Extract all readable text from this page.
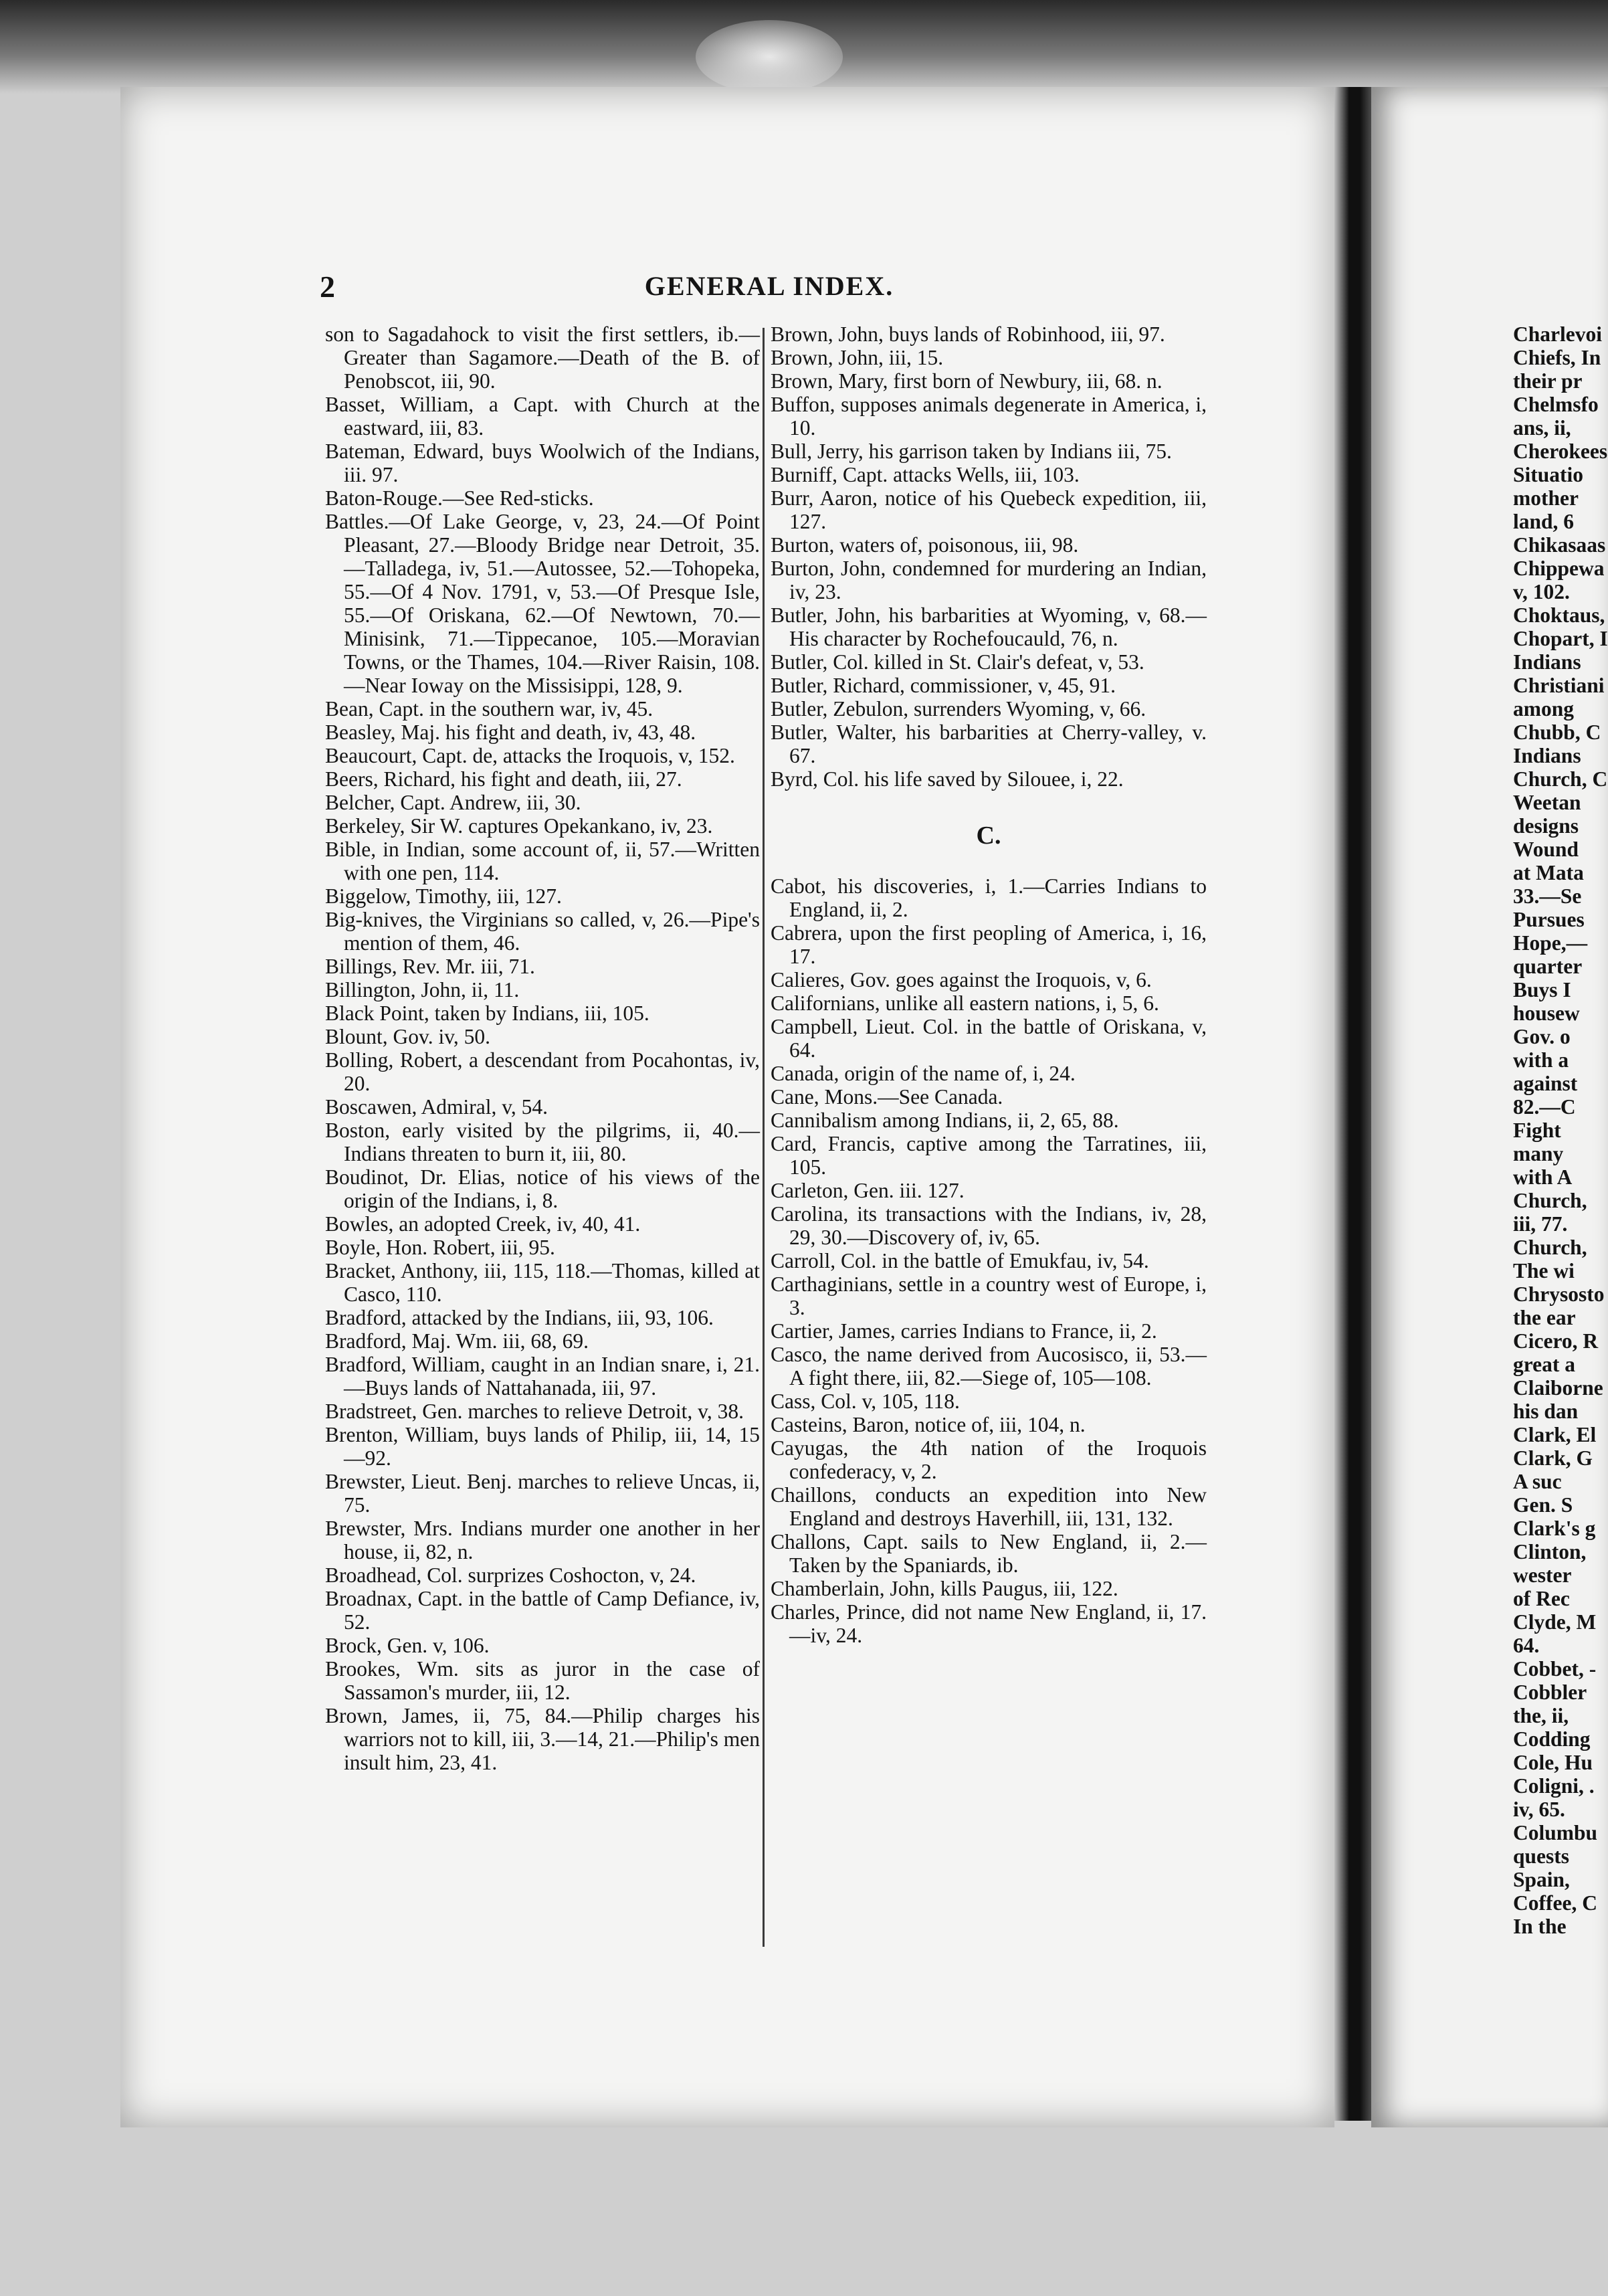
2	GENERAL INDEX.

son to Sagadahock to visit the first settlers, ib.—Greater than Sagamore.—Death of the B. of Penobscot, iii, 90.

Basset, William, a Capt. with Church at the eastward, iii, 83.

Bateman, Edward, buys Woolwich of the Indians, iii. 97.

Baton-Rouge.—See Red-sticks.

Battles.—Of Lake George, v, 23, 24.—Of Point Pleasant, 27.—Bloody Bridge near Detroit, 35.—Talladega, iv, 51.—Autossee, 52.—Tohopeka, 55.—Of 4 Nov. 1791, v, 53.—Of Presque Isle, 55.—Of Oriskana, 62.—Of Newtown, 70.—Minisink, 71.—Tippecanoe, 105.—Moravian Towns, or the Thames, 104.—River Raisin, 108.—Near Ioway on the Missisippi, 128, 9.

Bean, Capt. in the southern war, iv, 45.

Beasley, Maj. his fight and death, iv, 43, 48.

Beaucourt, Capt. de, attacks the Iroquois, v, 152.

Beers, Richard, his fight and death, iii, 27.

Belcher, Capt. Andrew, iii, 30.

Berkeley, Sir W. captures Opekankano, iv, 23.

Bible, in Indian, some account of, ii, 57.—Written with one pen, 114.

Biggelow, Timothy, iii, 127.

Big-knives, the Virginians so called, v, 26.—Pipe's mention of them, 46.

Billings, Rev. Mr. iii, 71.

Billington, John, ii, 11.

Black Point, taken by Indians, iii, 105.

Blount, Gov. iv, 50.

Bolling, Robert, a descendant from Pocahontas, iv, 20.

Boscawen, Admiral, v, 54.

Boston, early visited by the pilgrims, ii, 40.—Indians threaten to burn it, iii, 80.

Boudinot, Dr. Elias, notice of his views of the origin of the Indians, i, 8.

Bowles, an adopted Creek, iv, 40, 41.

Boyle, Hon. Robert, iii, 95.

Bracket, Anthony, iii, 115, 118.—Thomas, killed at Casco, 110.

Bradford, attacked by the Indians, iii, 93, 106.

Bradford, Maj. Wm. iii, 68, 69.

Bradford, William, caught in an Indian snare, i, 21.—Buys lands of Nattahanada, iii, 97.

Bradstreet, Gen. marches to relieve Detroit, v, 38.

Brenton, William, buys lands of Philip, iii, 14, 15—92.

Brewster, Lieut. Benj. marches to relieve Uncas, ii, 75.

Brewster, Mrs. Indians murder one another in her house, ii, 82, n.

Broadhead, Col. surprizes Coshocton, v, 24.

Broadnax, Capt. in the battle of Camp Defiance, iv, 52.

Brock, Gen. v, 106.

Brookes, Wm. sits as juror in the case of Sassamon's murder, iii, 12.

Brown, James, ii, 75, 84.—Philip charges his warriors not to kill, iii, 3.—14, 21.—Philip's men insult him, 23, 41.

Brown, John, buys lands of Robinhood, iii, 97.

Brown, John, iii, 15.

Brown, Mary, first born of Newbury, iii, 68. n.

Buffon, supposes animals degenerate in America, i, 10.

Bull, Jerry, his garrison taken by Indians iii, 75.

Burniff, Capt. attacks Wells, iii, 103.

Burr, Aaron, notice of his Quebeck expedition, iii, 127.

Burton, waters of, poisonous, iii, 98.

Burton, John, condemned for murdering an Indian, iv, 23.

Butler, John, his barbarities at Wyoming, v, 68.—His character by Rochefoucauld, 76, n.

Butler, Col. killed in St. Clair's defeat, v, 53.

Butler, Richard, commissioner, v, 45, 91.

Butler, Zebulon, surrenders Wyoming, v, 66.

Butler, Walter, his barbarities at Cherry-valley, v. 67.

Byrd, Col. his life saved by Silouee, i, 22.

C.

Cabot, his discoveries, i, 1.—Carries Indians to England, ii, 2.

Cabrera, upon the first peopling of America, i, 16, 17.

Calieres, Gov. goes against the Iroquois, v, 6.

Californians, unlike all eastern nations, i, 5, 6.

Campbell, Lieut. Col. in the battle of Oriskana, v, 64.

Canada, origin of the name of, i, 24.

Cane, Mons.—See Canada.

Cannibalism among Indians, ii, 2, 65, 88.

Card, Francis, captive among the Tarratines, iii, 105.

Carleton, Gen. iii. 127.

Carolina, its transactions with the Indians, iv, 28, 29, 30.—Discovery of, iv, 65.

Carroll, Col. in the battle of Emukfau, iv, 54.

Carthaginians, settle in a country west of Europe, i, 3.

Cartier, James, carries Indians to France, ii, 2.

Casco, the name derived from Aucosisco, ii, 53.—A fight there, iii, 82.—Siege of, 105—108.

Cass, Col. v, 105, 118.

Casteins, Baron, notice of, iii, 104, n.

Cayugas, the 4th nation of the Iroquois confederacy, v, 2.

Chaillons, conducts an expedition into New England and destroys Haverhill, iii, 131, 132.

Challons, Capt. sails to New England, ii, 2.—Taken by the Spaniards, ib.

Chamberlain, John, kills Paugus, iii, 122.

Charles, Prince, did not name New England, ii, 17.—iv, 24.

Charlevoi

Chiefs, In

their pr

Chelmsfo

ans, ii,

Cherokees

Situatio

mother

land, 6

Chikasaas

Chippewa

v, 102.

Choktaus,

Chopart, I

Indians

Christiani

among

Chubb, C

Indians

Church, C

Weetan

designs

Wound

at Mata

33.—Se

Pursues

Hope,—

quarter

Buys I

housew

Gov. o

with a

against

82.—C

Fight

many

with A

Church,

iii, 77.

Church,

The wi

Chrysosto

the ear

Cicero, R

great a

Claiborne

his dan

Clark, El

Clark, G

A suc

Gen. S

Clark's g

Clinton,

wester

of Rec

Clyde, M

64.

Cobbet, -

Cobbler

the, ii,

Codding

Cole, Hu

Coligni, .

iv, 65.

Columbu

quests

Spain,

Coffee, C

In the
